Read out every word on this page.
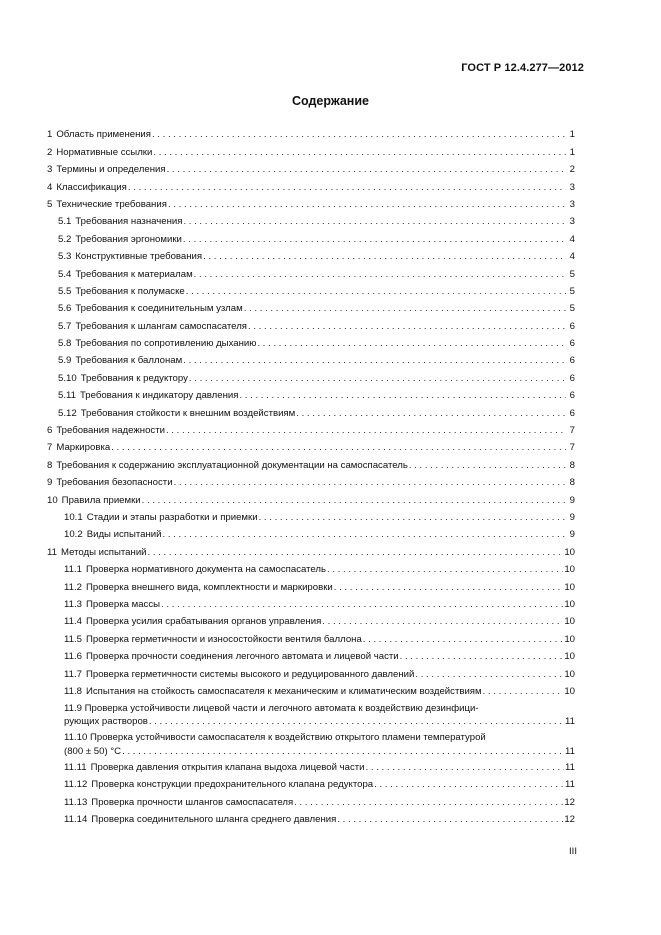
ГОСТ Р 12.4.277—2012
Содержание
1 Область применения . . .	1
2 Нормативные ссылки . . .	1
3 Термины и определения . . .	2
4 Классификация . . .	3
5 Технические требования . . .	3
5.1 Требования назначения . . .	3
5.2 Требования эргономики . . .	4
5.3 Конструктивные требования . . .	4
5.4 Требования к материалам . . .	5
5.5 Требования к полумаске . . .	5
5.6 Требования к соединительным узлам . . .	5
5.7 Требования к шлангам самоспасателя . . .	6
5.8 Требования по сопротивлению дыханию . . .	6
5.9 Требования к баллонам . . .	6
5.10 Требования к редуктору . . .	6
5.11 Требования к индикатору давления . . .	6
5.12 Требования стойкости к внешним воздействиям . . .	6
6 Требования надежности . . .	7
7 Маркировка . . .	7
8 Требования к содержанию эксплуатационной документации на самоспасатель . . .	8
9 Требования безопасности . . .	8
10 Правила приемки . . .	9
10.1 Стадии и этапы разработки и приемки . . .	9
10.2 Виды испытаний . . .	9
11 Методы испытаний . . .	10
11.1 Проверка нормативного документа на самоспасатель . . .	10
11.2 Проверка внешнего вида, комплектности и маркировки . . .	10
11.3 Проверка массы . . .	10
11.4 Проверка усилия срабатывания органов управления . . .	10
11.5 Проверка герметичности и износостойкости вентиля баллона . . .	10
11.6 Проверка прочности соединения легочного автомата и лицевой части . . .	10
11.7 Проверка герметичности системы высокого и редуцированного давлений . . .	10
11.8 Испытания на стойкость самоспасателя к механическим и климатическим воздействиям . . .	10
11.9 Проверка устойчивости лицевой части и легочного автомата к воздействию дезинфици-
рующих растворов . . .	11
11.10 Проверка устойчивости самоспасателя к воздействию открытого пламени температурой
(800 ± 50) °C . . .	11
11.11 Проверка давления открытия клапана выдоха лицевой части . . .	11
11.12 Проверка конструкции предохранительного клапана редуктора . . .	11
11.13 Проверка прочности шлангов самоспасателя . . .	12
11.14 Проверка соединительного шланга среднего давления . . .	12
III
